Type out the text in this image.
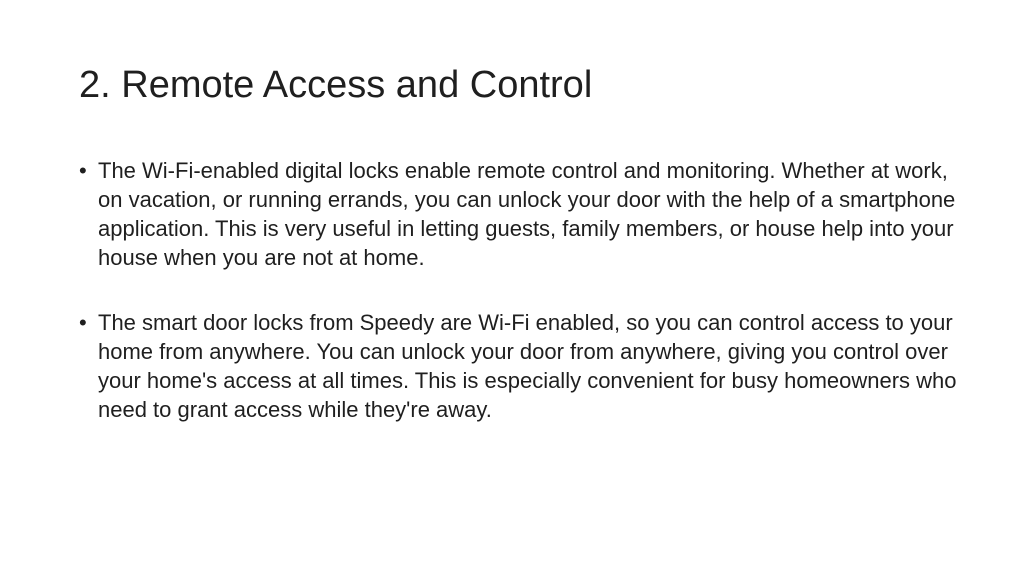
2. Remote Access and Control
• The Wi-Fi-enabled digital locks enable remote control and monitoring. Whether at work, on vacation, or running errands, you can unlock your door with the help of a smartphone application. This is very useful in letting guests, family members, or house help into your house when you are not at home.
• The smart door locks from Speedy are Wi-Fi enabled, so you can control access to your home from anywhere. You can unlock your door from anywhere, giving you control over your home's access at all times. This is especially convenient for busy homeowners who need to grant access while they're away.
